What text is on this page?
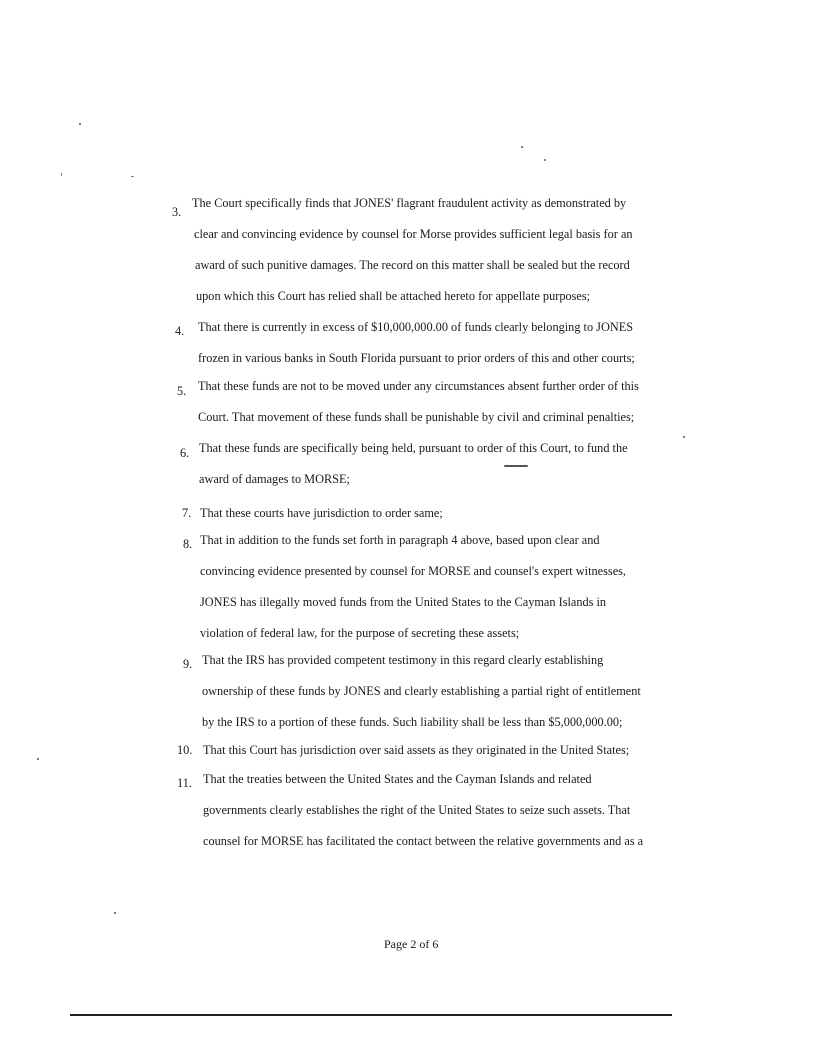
3.
The Court specifically finds that JONES' flagrant fraudulent activity as demonstrated by
clear and convincing evidence by counsel for Morse provides sufficient legal basis for an
award of such punitive damages. The record on this matter shall be sealed but the record
upon which this Court has relied shall be attached hereto for appellate purposes;
4. That there is currently in excess of $10,000,000.00 of funds clearly belonging to JONES
frozen in various banks in South Florida pursuant to prior orders of this and other courts;
5. That these funds are not to be moved under any circumstances absent further order of this
Court. That movement of these funds shall be punishable by civil and criminal penalties;
6. That these funds are specifically being held, pursuant to order of this Court, to fund the
award of damages to MORSE;
7. That these courts have jurisdiction to order same;
8. That in addition to the funds set forth in paragraph 4 above, based upon clear and
convincing evidence presented by counsel for MORSE and counsel's expert witnesses,
JONES has illegally moved funds from the United States to the Cayman Islands in
violation of federal law, for the purpose of secreting these assets;
9. That the IRS has provided competent testimony in this regard clearly establishing
ownership of these funds by JONES and clearly establishing a partial right of entitlement
by the IRS to a portion of these funds. Such liability shall be less than $5,000,000.00;
10. That this Court has jurisdiction over said assets as they originated in the United States;
11. That the treaties between the United States and the Cayman Islands and related
governments clearly establishes the right of the United States to seize such assets. That
counsel for MORSE has facilitated the contact between the relative governments and as a
Page 2 of 6
